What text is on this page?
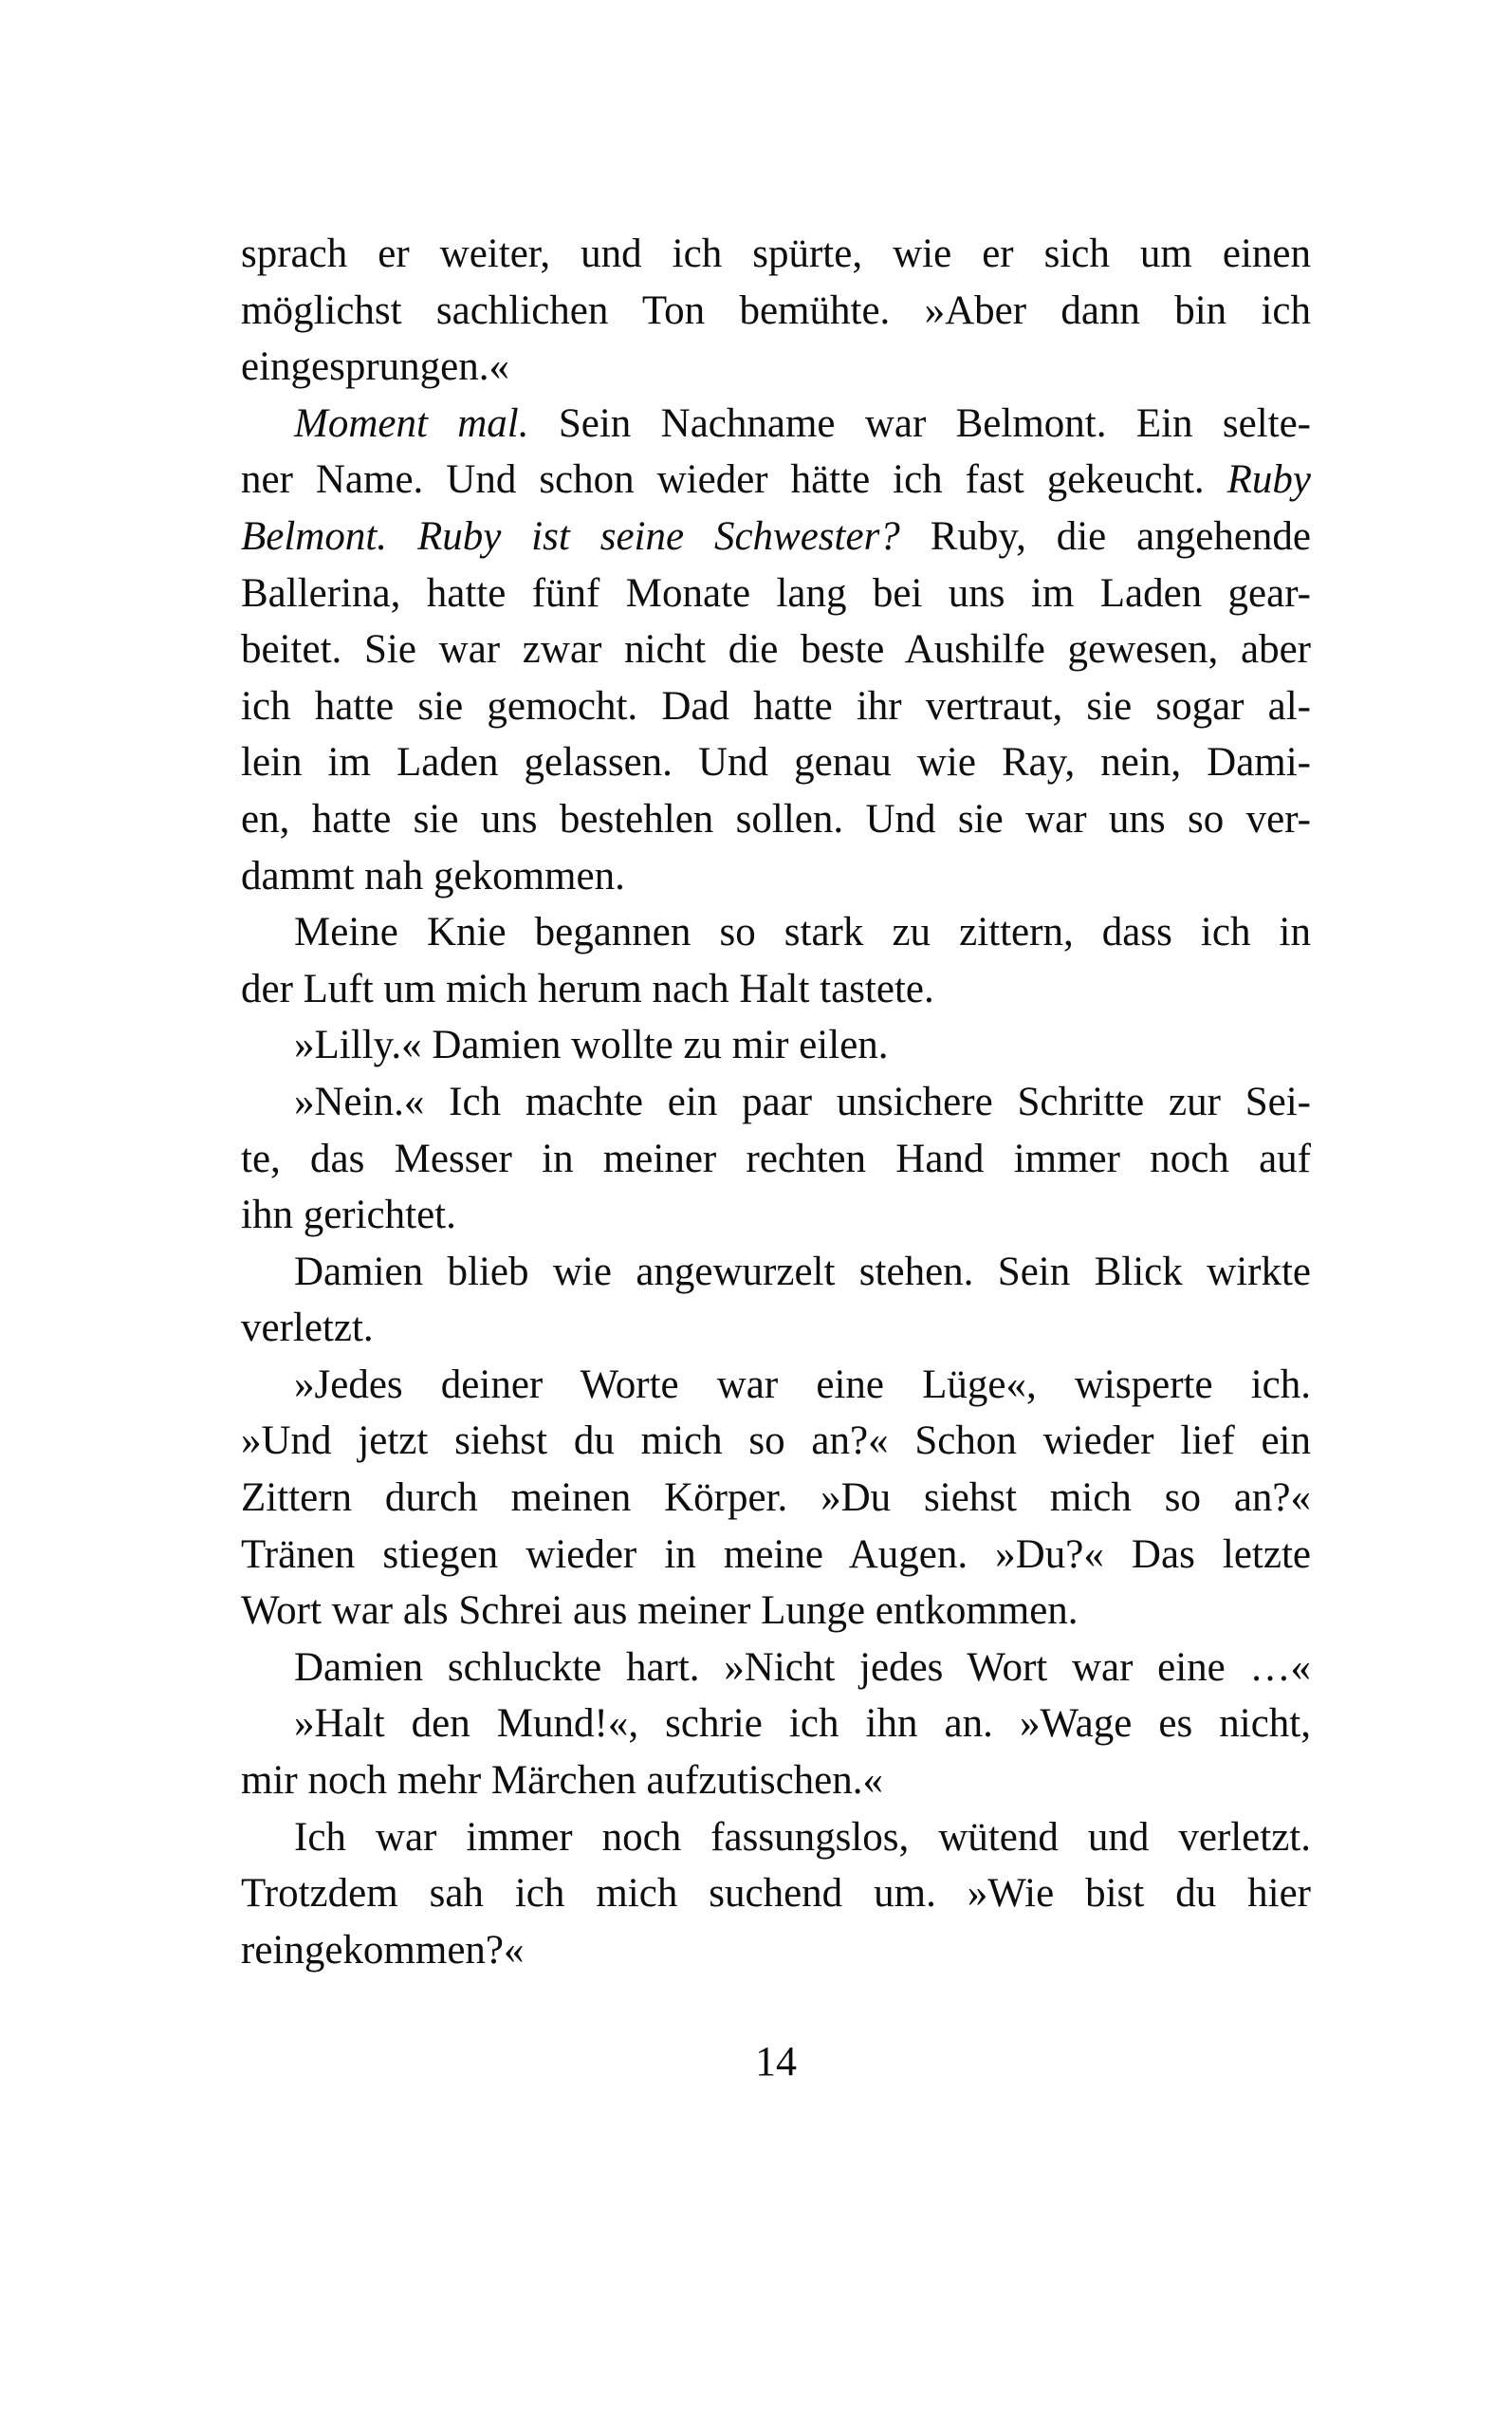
sprach er weiter, und ich spürte, wie er sich um einen
möglichst sachlichen Ton bemühte. »Aber dann bin ich
eingesprungen.«
Moment mal. Sein Nachname war Belmont. Ein selte-
ner Name. Und schon wieder hätte ich fast gekeucht. Ruby
Belmont. Ruby ist seine Schwester? Ruby, die angehende
Ballerina, hatte fünf Monate lang bei uns im Laden gear-
beitet. Sie war zwar nicht die beste Aushilfe gewesen, aber
ich hatte sie gemocht. Dad hatte ihr vertraut, sie sogar al-
lein im Laden gelassen. Und genau wie Ray, nein, Dami-
en, hatte sie uns bestehlen sollen. Und sie war uns so ver-
dammt nah gekommen.
Meine Knie begannen so stark zu zittern, dass ich in
der Luft um mich herum nach Halt tastete.
»Lilly.« Damien wollte zu mir eilen.
»Nein.« Ich machte ein paar unsichere Schritte zur Sei-
te, das Messer in meiner rechten Hand immer noch auf
ihn gerichtet.
Damien blieb wie angewurzelt stehen. Sein Blick wirkte
verletzt.
»Jedes deiner Worte war eine Lüge«, wisperte ich.
»Und jetzt siehst du mich so an?« Schon wieder lief ein
Zittern durch meinen Körper. »Du siehst mich so an?«
Tränen stiegen wieder in meine Augen. »Du?« Das letzte
Wort war als Schrei aus meiner Lunge entkommen.
Damien schluckte hart. »Nicht jedes Wort war eine …«
»Halt den Mund!«, schrie ich ihn an. »Wage es nicht,
mir noch mehr Märchen aufzutischen.«
Ich war immer noch fassungslos, wütend und verletzt.
Trotzdem sah ich mich suchend um. »Wie bist du hier
reingekommen?«
14
